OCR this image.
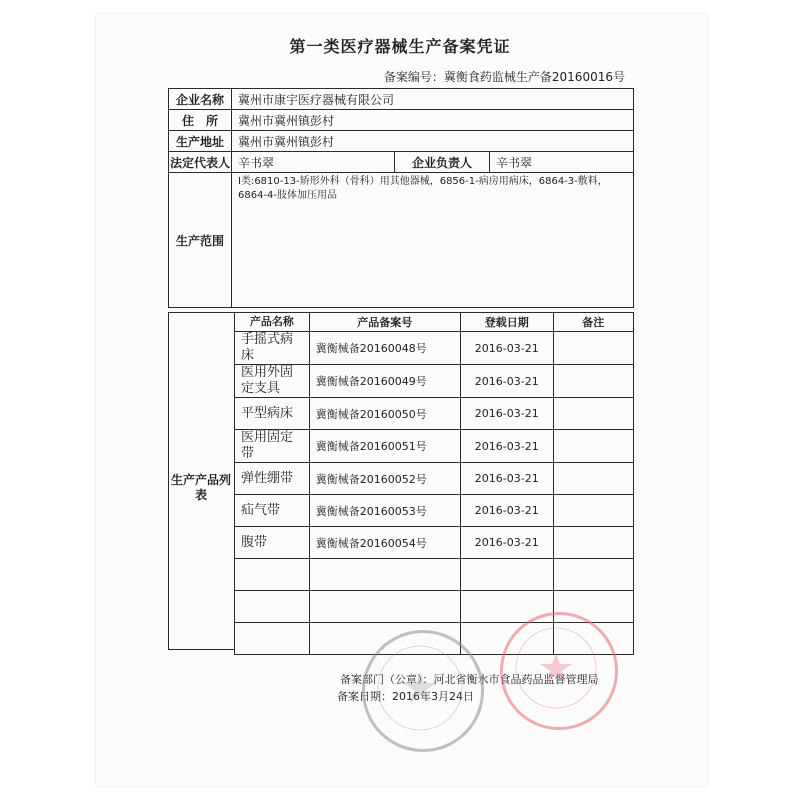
第一类医疗器械生产备案凭证
备案编号：冀衡食药监械生产备20160016号
企业名称	冀州市康宇医疗器械有限公司		
住　所	冀州市冀州镇彭村		
生产地址	冀州市冀州镇彭村		
法定代表人	辛书翠	企业负责人	辛书翠
生产范围	Ⅰ类:6810-13-矫形外科（骨科）用其他器械，6856-1-病房用病床，6864-3-敷料，6864-4-肢体加压用品		
生产产品列表
产品名称	产品备案号	登载日期	备注
手摇式病床	冀衡械备20160048号	2016-03-21	
医用外固定支具	冀衡械备20160049号	2016-03-21	
平型病床	冀衡械备20160050号	2016-03-21	
医用固定带	冀衡械备20160051号	2016-03-21	
弹性绷带	冀衡械备20160052号	2016-03-21	
疝气带	冀衡械备20160053号	2016-03-21	
腹带	冀衡械备20160054号	2016-03-21	

备案部门（公章）：河北省衡水市食品药品监督管理局
备案日期：2016年3月24日
